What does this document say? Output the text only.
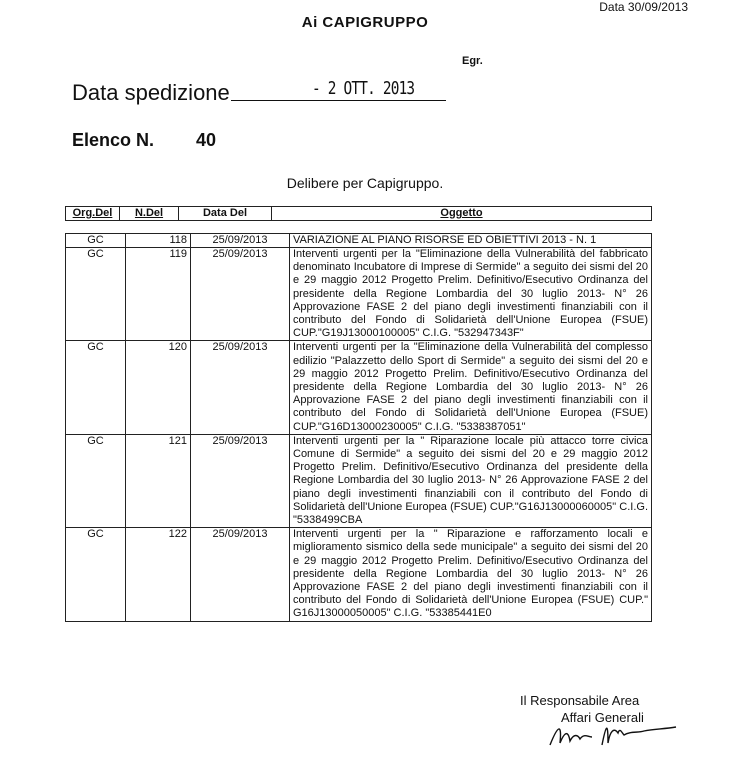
Data 30/09/2013
Ai CAPIGRUPPO
Egr.
Data spedizione	- 2 OTT. 2013
Elenco N. 40
Delibere per Capigruppo.
Org.Del	N.Del	Data Del	Oggetto
GC	118	25/09/2013	VARIAZIONE AL PIANO RISORSE ED OBIETTIVI 2013 - N. 1
GC	119	25/09/2013	Interventi urgenti per la "Eliminazione della Vulnerabilità del fabbricato denominato Incubatore di Imprese di Sermide" a seguito dei sismi del 20 e 29 maggio 2012 Progetto Prelim. Definitivo/Esecutivo Ordinanza del presidente della Regione Lombardia del 30 luglio 2013- N° 26 Approvazione FASE 2 del piano degli investimenti finanziabili con il contributo del Fondo di Solidarietà dell'Unione Europea (FSUE) CUP."G19J13000100005" C.I.G. "532947343F"
GC	120	25/09/2013	Interventi urgenti per la "Eliminazione della Vulnerabilità del complesso edilizio "Palazzetto dello Sport di Sermide" a seguito dei sismi del 20 e 29 maggio 2012 Progetto Prelim. Definitivo/Esecutivo Ordinanza del presidente della Regione Lombardia del 30 luglio 2013- N° 26 Approvazione FASE 2 del piano degli investimenti finanziabili con il contributo del Fondo di Solidarietà dell'Unione Europea (FSUE) CUP."G16D13000230005" C.I.G. "5338387051"
GC	121	25/09/2013	Interventi urgenti per la " Riparazione locale più attacco torre civica Comune di Sermide" a seguito dei sismi del 20 e 29 maggio 2012 Progetto Prelim. Definitivo/Esecutivo Ordinanza del presidente della Regione Lombardia del 30 luglio 2013- N° 26 Approvazione FASE 2 del piano degli investimenti finanziabili con il contributo del Fondo di Solidarietà dell'Unione Europea (FSUE) CUP."G16J13000060005" C.I.G. "5338499CBA
GC	122	25/09/2013	Interventi urgenti per la " Riparazione e rafforzamento locali e miglioramento sismico della sede municipale" a seguito dei sismi del 20 e 29 maggio 2012 Progetto Prelim. Definitivo/Esecutivo Ordinanza del presidente della Regione Lombardia del 30 luglio 2013- N° 26 Approvazione FASE 2 del piano degli investimenti finanziabili con il contributo del Fondo di Solidarietà dell'Unione Europea (FSUE) CUP." G16J13000050005" C.I.G. "53385441E0
Il Responsabile Area
Affari Generali
